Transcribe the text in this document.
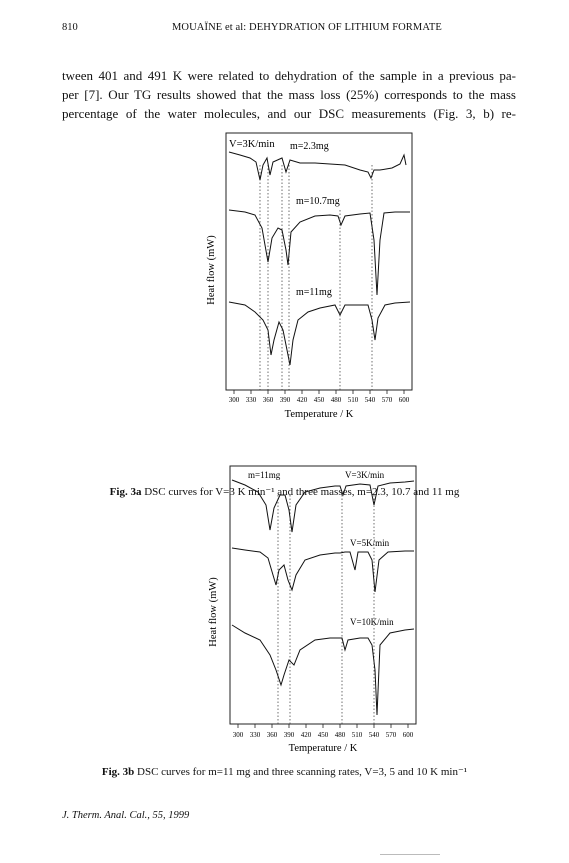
810	MOUAÏNE et al: DEHYDRATION OF LITHIUM FORMATE
tween 401 and 491 K were related to dehydration of the sample in a previous pa-
per [7]. Our TG results showed that the mass loss (25%) corresponds to the mass
percentage of the water molecules, and our DSC measurements (Fig. 3, b) re-
Heat flow (mW)
V=3K/min m=2.3mg
m=10.7mg
m=11mg
300 330 360 390 420 450 480 510 540 570 600
Temperature / K
Fig. 3a DSC curves for V=3 K min⁻¹ and three masses, m=2.3, 10.7 and 11 mg
Heat flow (mW)
m=11mg	V=3K/min
V=5K/min
V=10K/min
300 330 360 390 420 450 480 510 540 570 600
Temperature / K
Fig. 3b DSC curves for m=11 mg and three scanning rates, V=3, 5 and 10 K min⁻¹
J. Therm. Anal. Cal., 55, 1999
